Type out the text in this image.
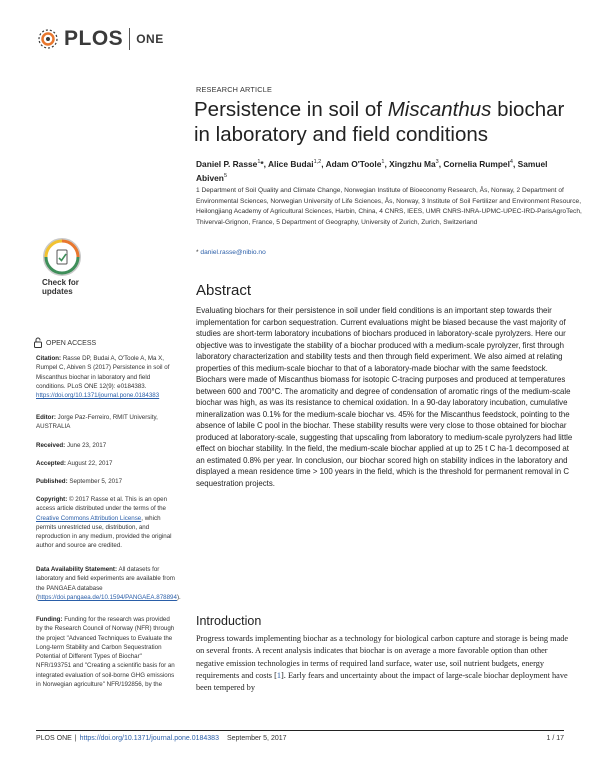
PLOS ONE
RESEARCH ARTICLE
Persistence in soil of Miscanthus biochar in laboratory and field conditions
Daniel P. Rasse$^1$*, Alice Budai$^{1,2}$, Adam O'Toole$^1$, Xingzhu Ma$^3$, Cornelia Rumpel$^4$, Samuel Abiven$^5$
1 Department of Soil Quality and Climate Change, Norwegian Institute of Bioeconomy Research, Ås, Norway, 2 Department of Environmental Sciences, Norwegian University of Life Sciences, Ås, Norway, 3 Institute of Soil Fertilizer and Environment Resource, Heilongjiang Academy of Agricultural Sciences, Harbin, China, 4 CNRS, IEES, UMR CNRS-INRA-UPMC-UPEC-IRD-ParisAgroTech, Thiverval-Grignon, France, 5 Department of Geography, University of Zurich, Zurich, Switzerland
* daniel.rasse@nibio.no
Abstract
Evaluating biochars for their persistence in soil under field conditions is an important step towards their implementation for carbon sequestration. Current evaluations might be biased because the vast majority of studies are short-term laboratory incubations of biochars produced in laboratory-scale pyrolyzers. Here our objective was to investigate the stability of a biochar produced with a medium-scale pyrolyzer, first through laboratory characterization and stability tests and then through field experiment. We also aimed at relating properties of this medium-scale biochar to that of a laboratory-made biochar with the same feedstock. Biochars were made of Miscanthus biomass for isotopic C-tracing purposes and produced at temperatures between 600 and 700°C. The aromaticity and degree of condensation of aromatic rings of the medium-scale biochar was high, as was its resistance to chemical oxidation. In a 90-day laboratory incubation, cumulative mineralization was 0.1% for the medium-scale biochar vs. 45% for the Miscanthus feedstock, pointing to the absence of labile C pool in the biochar. These stability results were very close to those obtained for biochar produced at laboratory-scale, suggesting that upscaling from laboratory to medium-scale pyrolyzers had little effect on biochar stability. In the field, the medium-scale biochar applied at up to 25 t C ha-1 decomposed at an estimated 0.8% per year. In conclusion, our biochar scored high on stability indices in the laboratory and displayed a mean residence time > 100 years in the field, which is the threshold for permanent removal in C sequestration projects.
Introduction
Progress towards implementing biochar as a technology for biological carbon capture and storage is being made on several fronts. A recent analysis indicates that biochar is on average a more favorable option than other negative emission technologies in terms of required land surface, water use, soil nutrient budgets, energy requirements and costs [1]. Early fears and uncertainty about the impact of large-scale biochar deployment have been tempered by
Check for updates
OPEN ACCESS
Citation: Rasse DP, Budai A, O'Toole A, Ma X, Rumpel C, Abiven S (2017) Persistence in soil of Miscanthus biochar in laboratory and field conditions. PLoS ONE 12(9): e0184383. https://doi.org/10.1371/journal.pone.0184383
Editor: Jorge Paz-Ferreiro, RMIT University, AUSTRALIA
Received: June 23, 2017
Accepted: August 22, 2017
Published: September 5, 2017
Copyright: © 2017 Rasse et al. This is an open access article distributed under the terms of the Creative Commons Attribution License, which permits unrestricted use, distribution, and reproduction in any medium, provided the original author and source are credited.
Data Availability Statement: All datasets for laboratory and field experiments are available from the PANGAEA database (https://doi.pangaea.de/10.1594/PANGAEA.878894).
Funding: Funding for the research was provided by the Research Council of Norway (NFR) through the project "Advanced Techniques to Evaluate the Long-term Stability and Carbon Sequestration Potential of Different Types of Biochar" NFR/193751 and "Creating a scientific basis for an integrated evaluation of soil-borne GHG emissions in Norwegian agriculture" NFR/192856, by the
PLOS ONE | https://doi.org/10.1371/journal.pone.0184383 September 5, 2017	1 / 17
